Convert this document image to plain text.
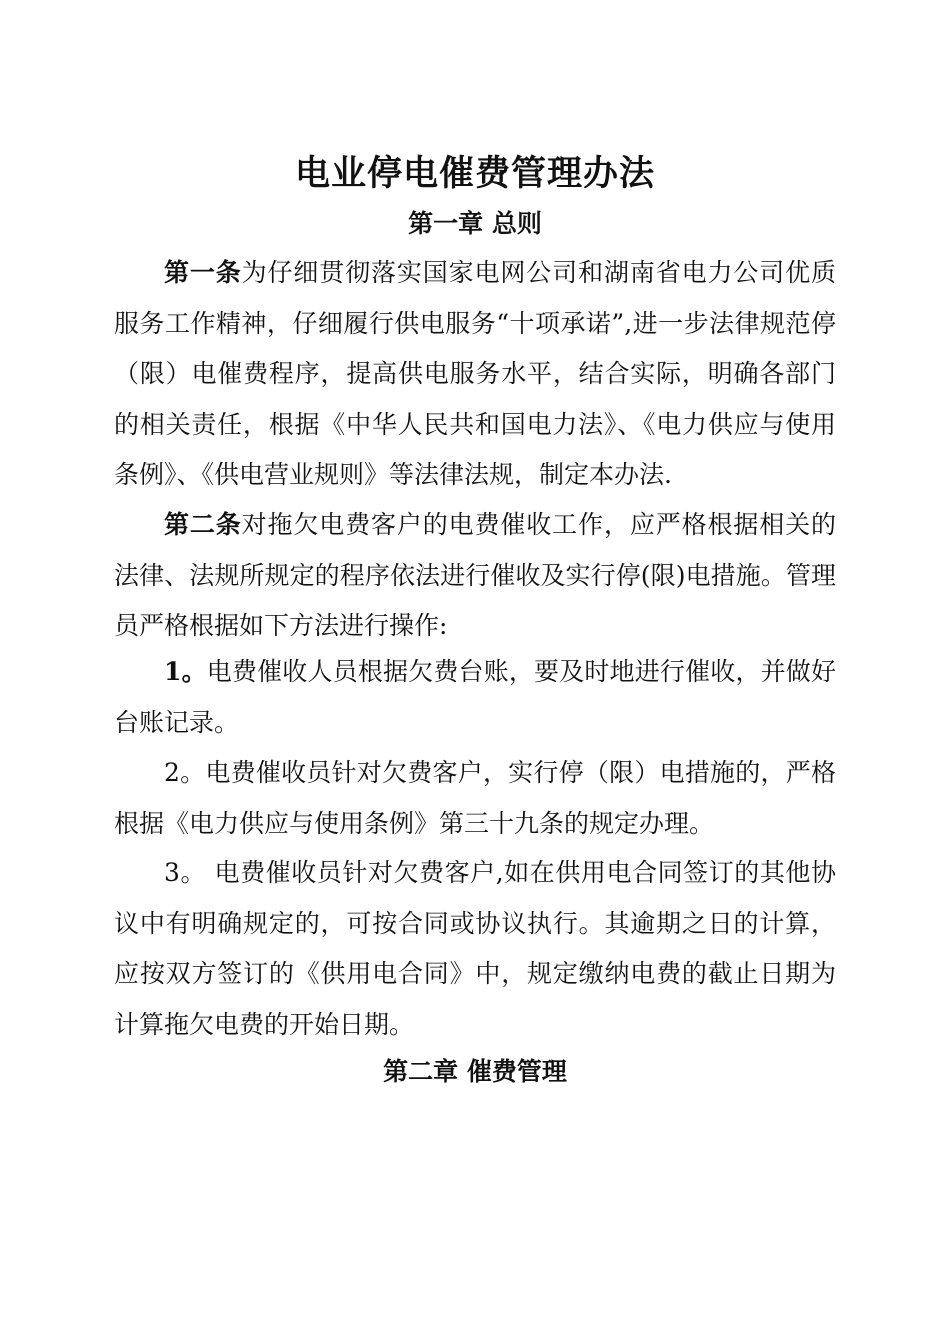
电业停电催费管理办法
第一章 总则

第一条为仔细贯彻落实国家电网公司和湖南省电力公司优质服务工作精神，仔细履行供电服务“十项承诺”,进一步法律规范停（限）电催费程序，提高供电服务水平，结合实际，明确各部门的相关责任，根据《中华人民共和国电力法》、《电力供应与使用条例》、《供电营业规则》等法律法规，制定本办法.

第二条对拖欠电费客户的电费催收工作，应严格根据相关的法律、法规所规定的程序依法进行催收及实行停(限)电措施。管理员严格根据如下方法进行操作:

1。电费催收人员根据欠费台账，要及时地进行催收，并做好台账记录。

2。电费催收员针对欠费客户，实行停（限）电措施的，严格根据《电力供应与使用条例》第三十九条的规定办理。

3。 电费催收员针对欠费客户,如在供用电合同签订的其他协议中有明确规定的，可按合同或协议执行。其逾期之日的计算，应按双方签订的《供用电合同》中，规定缴纳电费的截止日期为计算拖欠电费的开始日期。

第二章 催费管理
